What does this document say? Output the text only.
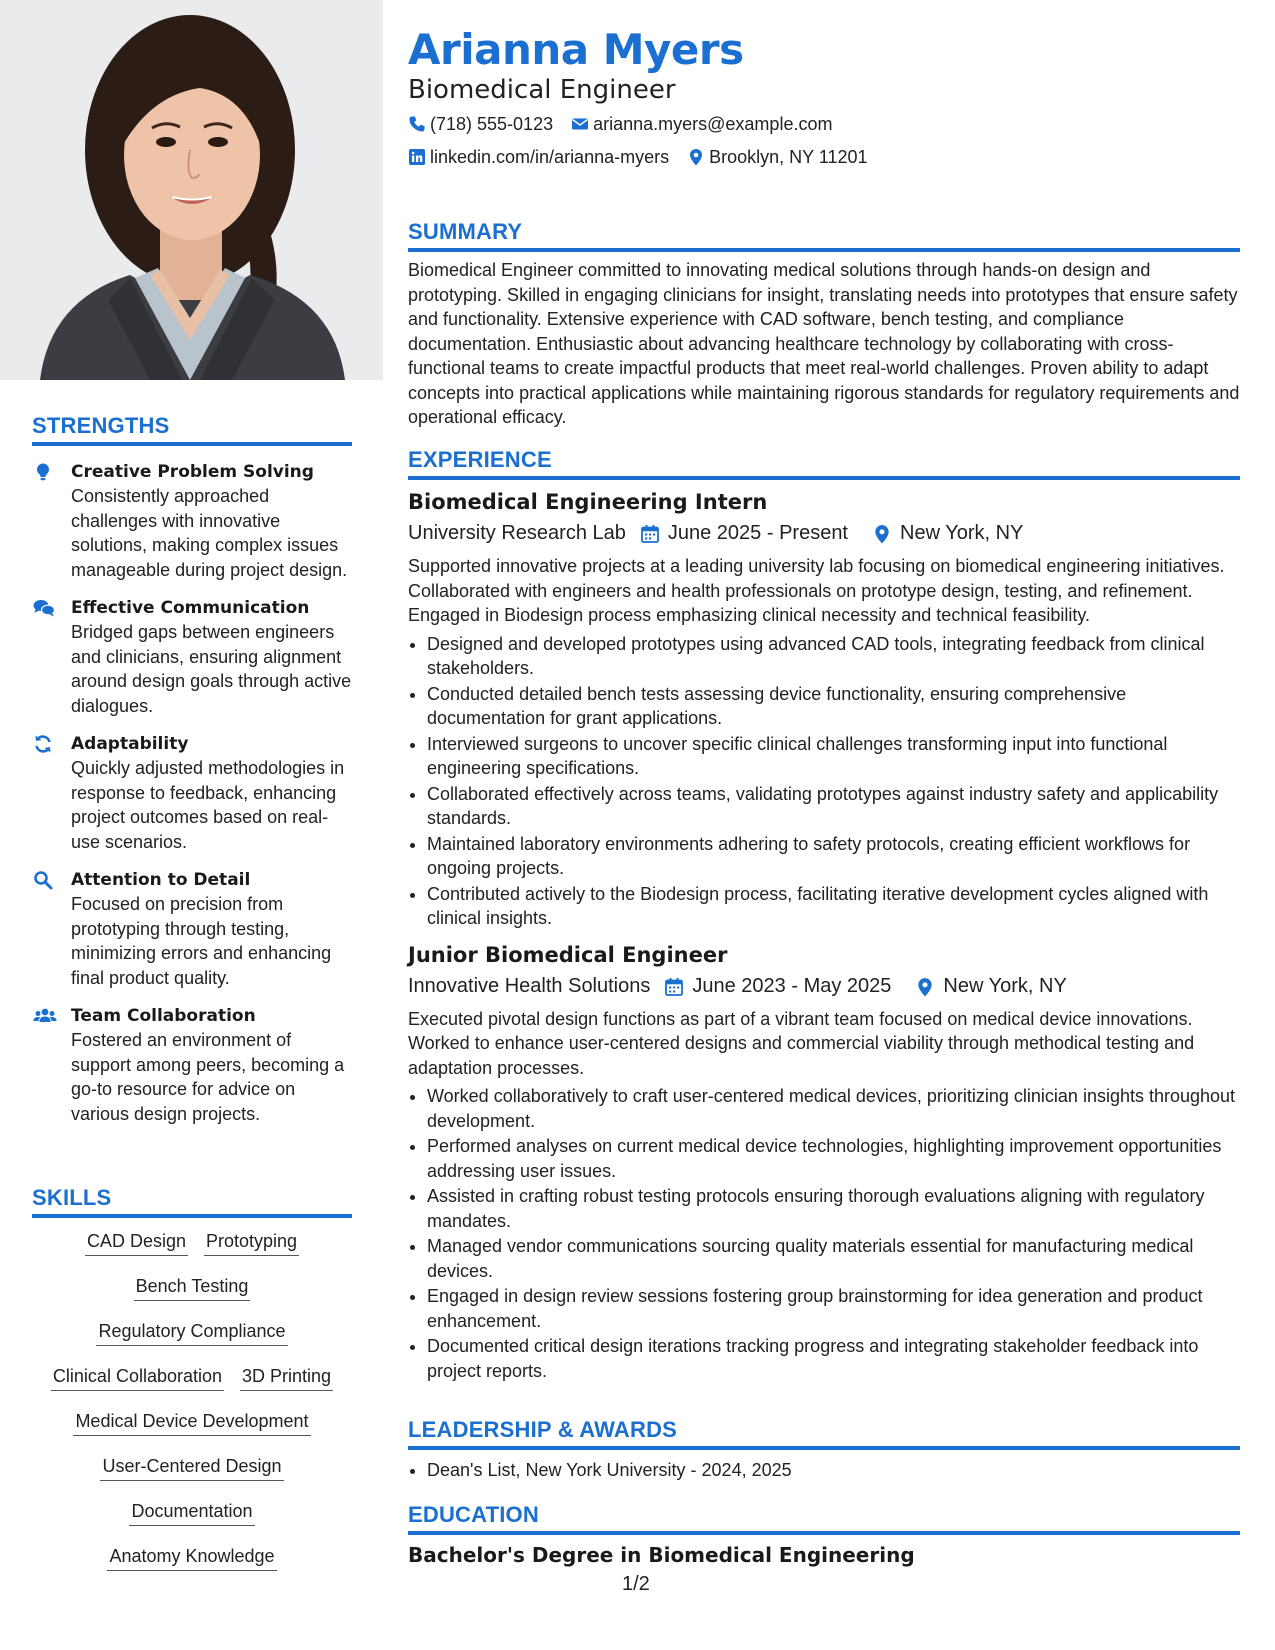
STRENGTHS
Creative Problem Solving
Consistently approached challenges with innovative solutions, making complex issues manageable during project design.
Effective Communication
Bridged gaps between engineers and clinicians, ensuring alignment around design goals through active dialogues.
Adaptability
Quickly adjusted methodologies in response to feedback, enhancing project outcomes based on real-use scenarios.
Attention to Detail
Focused on precision from prototyping through testing, minimizing errors and enhancing final product quality.
Team Collaboration
Fostered an environment of support among peers, becoming a go-to resource for advice on various design projects.
SKILLS
CAD Design Prototyping
Bench Testing
Regulatory Compliance
Clinical Collaboration 3D Printing
Medical Device Development
User-Centered Design
Documentation
Anatomy Knowledge
Arianna Myers
Biomedical Engineer
(718) 555-0123 arianna.myers@example.com
linkedin.com/in/arianna-myers Brooklyn, NY 11201
SUMMARY

Biomedical Engineer committed to innovating medical solutions through hands-on design and prototyping. Skilled in engaging clinicians for insight, translating needs into prototypes that ensure safety and functionality. Extensive experience with CAD software, bench testing, and compliance documentation. Enthusiastic about advancing healthcare technology by collaborating with cross-functional teams to create impactful products that meet real-world challenges. Proven ability to adapt concepts into practical applications while maintaining rigorous standards for regulatory requirements and operational efficacy.

EXPERIENCE
Biomedical Engineering Intern
University Research Lab June 2025 - Present	New York, NY

Supported innovative projects at a leading university lab focusing on biomedical engineering initiatives. Collaborated with engineers and health professionals on prototype design, testing, and refinement. Engaged in Biodesign process emphasizing clinical necessity and technical feasibility.

• Designed and developed prototypes using advanced CAD tools, integrating feedback from clinical stakeholders.
• Conducted detailed bench tests assessing device functionality, ensuring comprehensive documentation for grant applications.
• Interviewed surgeons to uncover specific clinical challenges transforming input into functional engineering specifications.
• Collaborated effectively across teams, validating prototypes against industry safety and applicability standards.
• Maintained laboratory environments adhering to safety protocols, creating efficient workflows for ongoing projects.
• Contributed actively to the Biodesign process, facilitating iterative development cycles aligned with clinical insights.
Junior Biomedical Engineer
Innovative Health Solutions June 2023 - May 2025	New York, NY

Executed pivotal design functions as part of a vibrant team focused on medical device innovations. Worked to enhance user-centered designs and commercial viability through methodical testing and adaptation processes.

• Worked collaboratively to craft user-centered medical devices, prioritizing clinician insights throughout development.
• Performed analyses on current medical device technologies, highlighting improvement opportunities addressing user issues.
• Assisted in crafting robust testing protocols ensuring thorough evaluations aligning with regulatory mandates.
• Managed vendor communications sourcing quality materials essential for manufacturing medical devices.
• Engaged in design review sessions fostering group brainstorming for idea generation and product enhancement.
• Documented critical design iterations tracking progress and integrating stakeholder feedback into project reports.
LEADERSHIP & AWARDS
• Dean's List, New York University - 2024, 2025
EDUCATION
Bachelor's Degree in Biomedical Engineering
1/2
